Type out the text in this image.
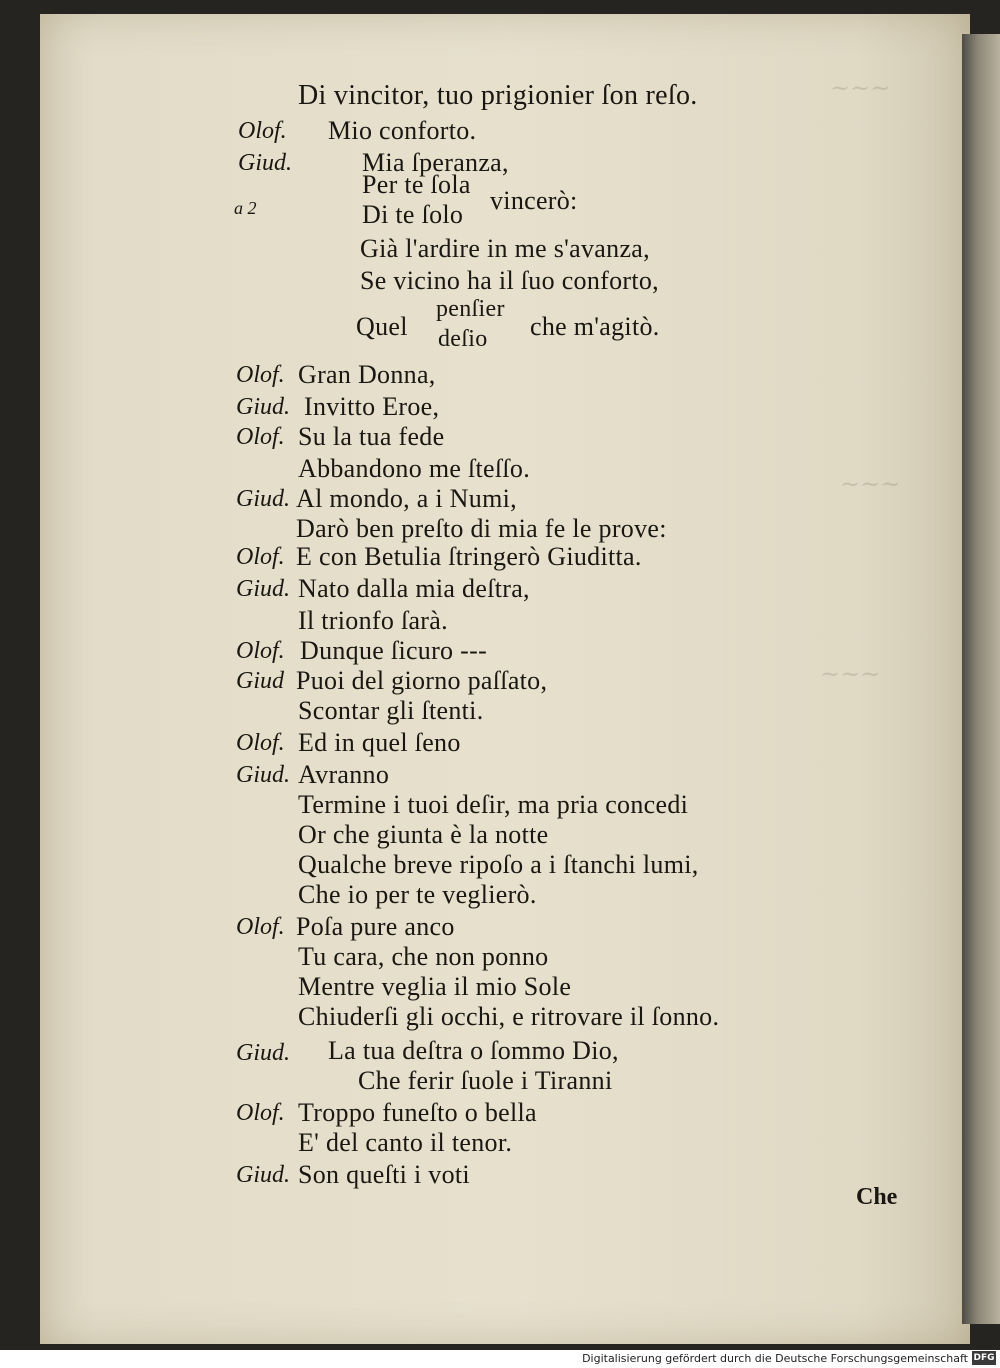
~~~
~~~
~~~
Di vincitor, tuo prigionier ſon reſo.
Olof. Mio conforto.
Giud.	Mia ſperanza,
Per te ſola
a 2	Di te ſolo vincerò:
Già l'ardire in me s'avanza,
Se vicino ha il ſuo conforto,
Quel
penſier
deſio che m'agitò.
Olof. Gran Donna,
Giud. Invitto Eroe,
Olof. Su la tua fede
Abbandono me ſteſſo.
Giud. Al mondo, a i Numi,
Darò ben preſto di mia fe le prove:
Olof. E con Betulia ſtringerò Giuditta.
Giud. Nato dalla mia deſtra,
Il trionfo ſarà.
Olof. Dunque ſicuro ---
Giud Puoi del giorno paſſato,
Scontar gli ſtenti.
Olof. Ed in quel ſeno
Giud. Avranno
Termine i tuoi deſir, ma pria concedi
Or che giunta è la notte
Qualche breve ripoſo a i ſtanchi lumi,
Che io per te veglierò.
Olof. Poſa pure anco
Tu cara, che non ponno
Mentre veglia il mio Sole
Chiuderſi gli occhi, e ritrovare il ſonno.
Giud. La tua deſtra o ſommo Dio,
Che ferir ſuole i Tiranni
Olof. Troppo funeſto o bella
E' del canto il tenor.
Giud. Son queſti i voti
Che
Digitalisierung gefördert durch die Deutsche Forschungsgemeinschaft DFG
